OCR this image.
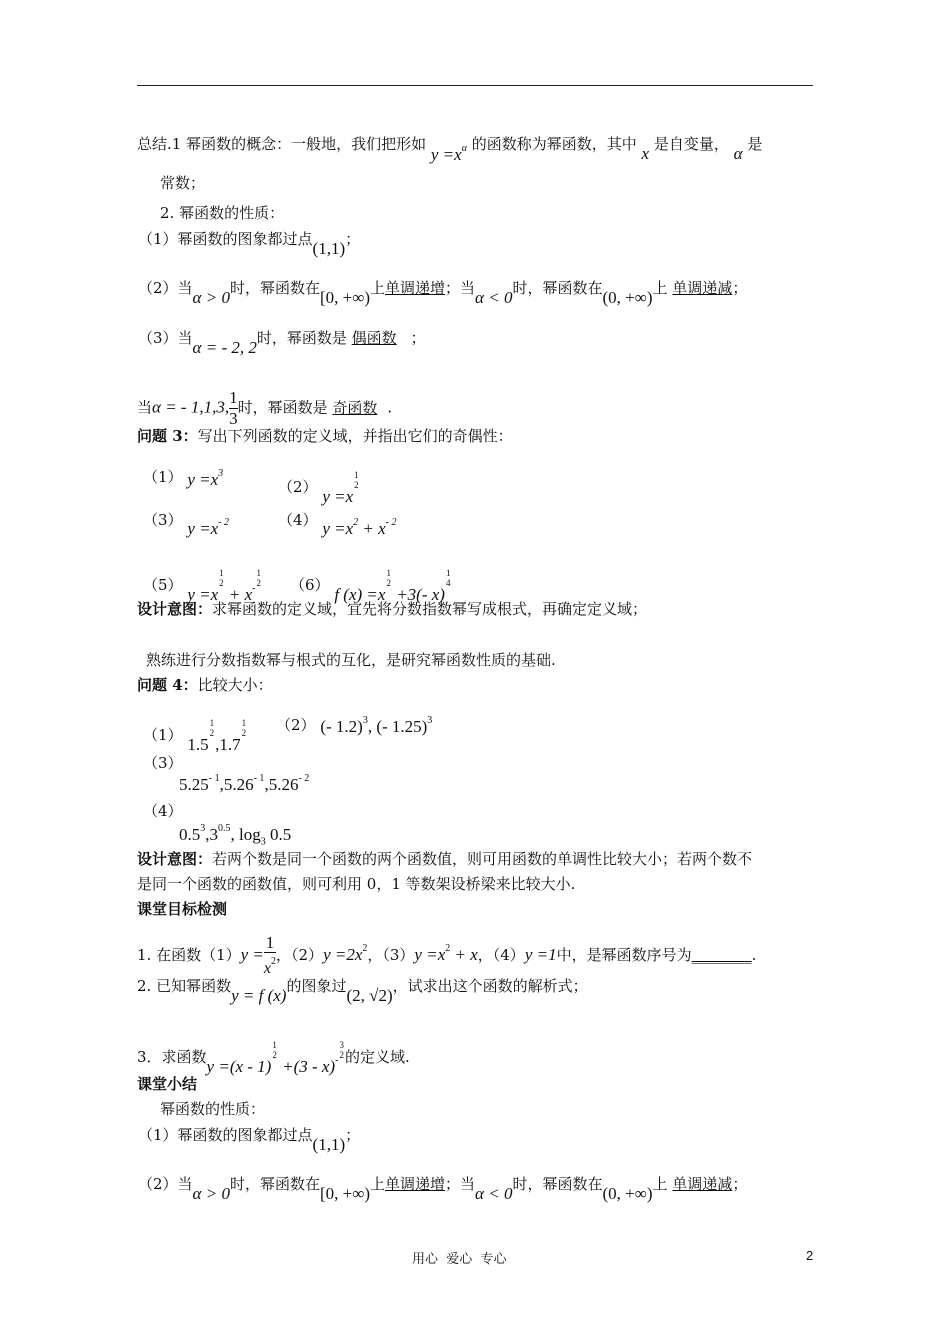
总结.1 幂函数的概念：一般地，我们把形如 $y =x^\alpha$ 的函数称为幂函数，其中 x 是自变量， α 是
常数；
2. 幂函数的性质：
（1）幂函数的图象都过点(1,1)；
（2）当α > 0时，幂函数在[0, +∞)上单调递增；当α < 0时，幂函数在(0, +∞)上 单调递减；
（3）当α = - 2, 2时，幂函数是 偶函数 ；
当α = - 1,1,3, $\frac{1}{3}$ 时，幂函数是 奇函数 .
问题 3：写出下列函数的定义域，并指出它们的奇偶性：
（1） $y =x^3$
（2） y =x
1
2
（3） $y =x^{- 2}$	（4） $y =x^2 + x^{- 2}$
（5） y =x
1
2
+ x-
1
2 （6） f (x) =x
1
2
+3(- x)
1
4
设计意图：求幂函数的定义域，宜先将分数指数幂写成根式，再确定定义域；
熟练进行分数指数幂与根式的互化，是研究幂函数性质的基础.
问题 4：比较大小：
（1） 1.5
1
2
,1.7
1
2 （2） (- 1.2)$^3$, (- 1.25)$^3$
（3）
$5.25^{- 1},5.26^{- 1},5.26^{- 2}$
（4）
$0.5^3,3^{0.5}$, $\log_3 0.5$
设计意图：若两个数是同一个函数的两个函数值，则可用函数的单调性比较大小；若两个数不
是同一个函数的函数值，则可利用 0，1 等数架设桥梁来比较大小.
课堂目标检测
1. 在函数$(1)y = \frac{1}{x^2}$ ，$(2)y =2x^2$，$(3)y =x^2 + x$，（4）y =1中，是幂函数序号为________.
2. 已知幂函数y = f (x)的图象过(2, √2)，试求出这个函数的解析式；
3．求函数y =(x - 1)
1
2
+(3 - x)-
3
2 的定义域.
课堂小结
幂函数的性质：
（1）幂函数的图象都过点(1,1)；
（2）当α > 0时，幂函数在[0, +∞)上单调递增；当α < 0时，幂函数在(0, +∞)上 单调递减；
用心  爱心  专心	2
